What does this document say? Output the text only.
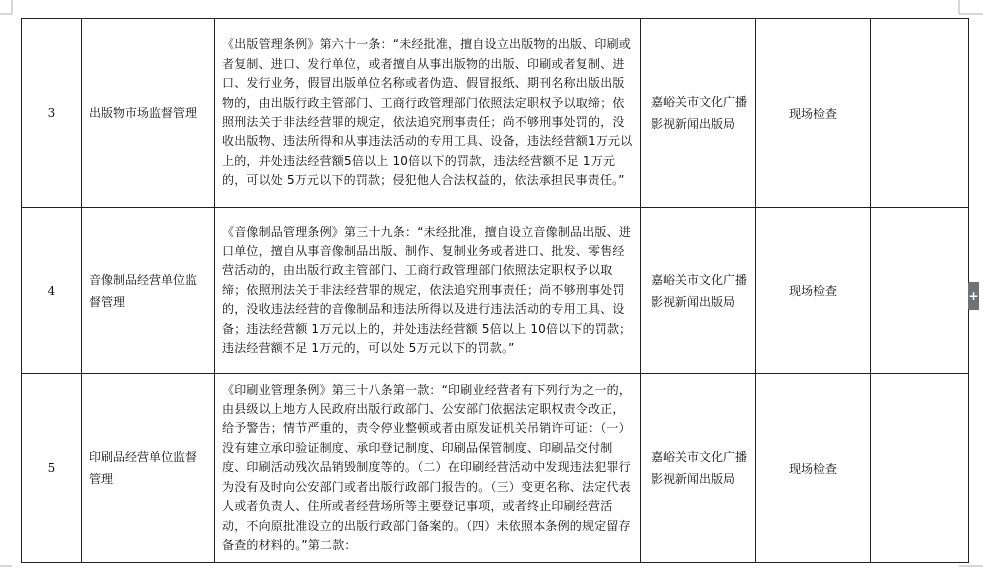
3	出版物市场监督管理	《出版管理条例》第六十一条：“未经批准，擅自设立出版物的出版、印刷或者复制、进口、发行单位，或者擅自从事出版物的出版、印刷或者复制、进口、发行业务，假冒出版单位名称或者伪造、假冒报纸、期刊名称出版出版物的，由出版行政主管部门、工商行政管理部门依照法定职权予以取缔；依照刑法关于非法经营罪的规定，依法追究刑事责任；尚不够刑事处罚的，没收出版物、违法所得和从事违法活动的专用工具、设备，违法经营额1万元以上的，并处违法经营额5倍以上 10倍以下的罚款，违法经营额不足 1万元的，可以处 5万元以下的罚款；侵犯他人合法权益的，依法承担民事责任。”	嘉峪关市文化广播影视新闻出版局	现场检查	
4	音像制品经营单位监督管理	《音像制品管理条例》第三十九条：“未经批准，擅自设立音像制品出版、进口单位，擅自从事音像制品出版、制作、复制业务或者进口、批发、零售经营活动的，由出版行政主管部门、工商行政管理部门依照法定职权予以取缔；依照刑法关于非法经营罪的规定，依法追究刑事责任；尚不够刑事处罚的，没收违法经营的音像制品和违法所得以及进行违法活动的专用工具、设备；违法经营额 1万元以上的，并处违法经营额 5倍以上 10倍以下的罚款；违法经营额不足 1万元的，可以处 5万元以下的罚款。”	嘉峪关市文化广播影视新闻出版局	现场检查	
5	印刷品经营单位监督管理	《印刷业管理条例》第三十八条第一款：“印刷业经营者有下列行为之一的，由县级以上地方人民政府出版行政部门、公安部门依据法定职权责令改正，给予警告；情节严重的，责令停业整顿或者由原发证机关吊销许可证：（一）没有建立承印验证制度、承印登记制度、印刷品保管制度、印刷品交付制度、印刷活动残次品销毁制度等的。（二）在印刷经营活动中发现违法犯罪行为没有及时向公安部门或者出版行政部门报告的。（三）变更名称、法定代表人或者负责人、住所或者经营场所等主要登记事项，或者终止印刷经营活动，不向原批准设立的出版行政部门备案的。（四）未依照本条例的规定留存备查的材料的。”第二款：	嘉峪关市文化广播影视新闻出版局	现场检查	
+
